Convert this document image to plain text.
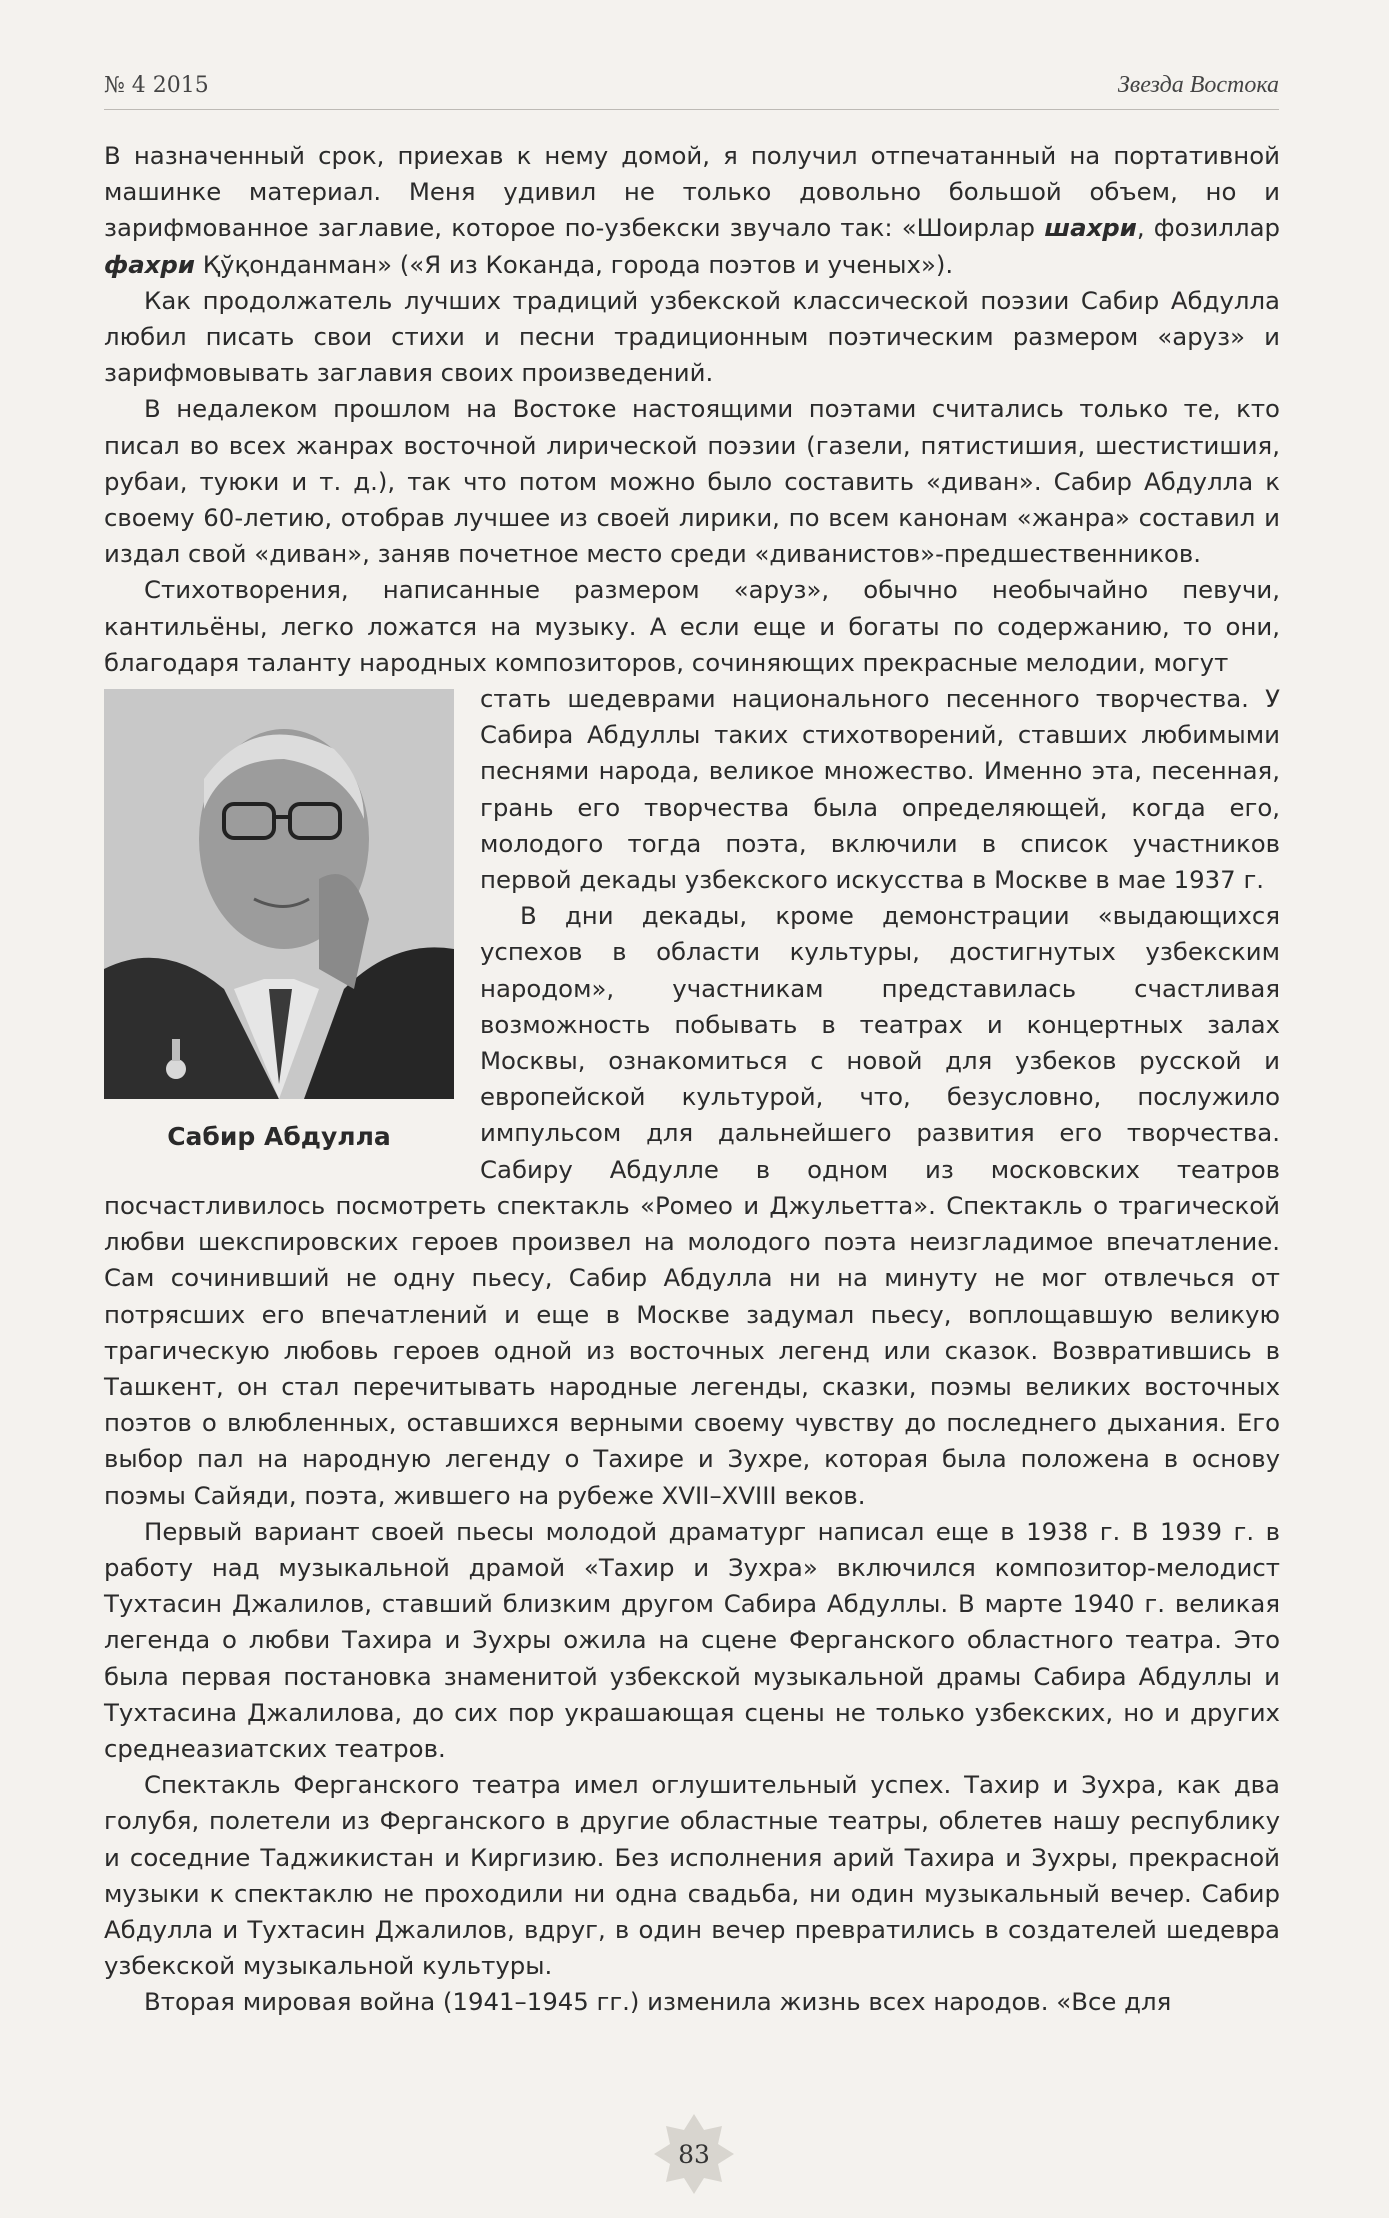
№ 4 2015	Звезда Востока

В назначенный срок, приехав к нему домой, я получил отпечатанный на портативной машинке материал. Меня удивил не только довольно большой объем, но и зарифмованное заглавие, которое по-узбекски звучало так: «Шоирлар шахри, фозиллар фахри Қўқонданман» («Я из Коканда, города поэтов и ученых»).

Как продолжатель лучших традиций узбекской классической поэзии Сабир Абдулла любил писать свои стихи и песни традиционным поэтическим размером «аруз» и зарифмовывать заглавия своих произведений.

В недалеком прошлом на Востоке настоящими поэтами считались только те, кто писал во всех жанрах восточной лирической поэзии (газели, пятистишия, шестистишия, рубаи, туюки и т. д.), так что потом можно было составить «диван». Сабир Абдулла к своему 60-летию, отобрав лучшее из своей лирики, по всем канонам «жанра» составил и издал свой «диван», заняв почетное место среди «диванистов»-предшественников.

Стихотворения, написанные размером «аруз», обычно необычайно певучи, кантильёны, легко ложатся на музыку. А если еще и богаты по содержанию, то они, благодаря таланту народных композиторов, сочиняющих прекрасные мелодии, могут

Сабир Абдулла

стать шедеврами национального песенного творчества. У Сабира Абдуллы таких стихотворений, ставших любимыми песнями народа, великое множество. Именно эта, песенная, грань его творчества была определяющей, когда его, молодого тогда поэта, включили в список участников первой декады узбекского искусства в Москве в мае 1937 г.

В дни декады, кроме демонстрации «выдающихся успехов в области культуры, достигнутых узбекским народом», участникам представилась счастливая возможность побывать в театрах и концертных залах Москвы, ознакомиться с новой для узбеков русской и европейской культурой, что, безусловно, послужило импульсом для дальнейшего развития его творчества. Сабиру Абдулле в одном из московских театров посчастливилось посмотреть спектакль «Ромео и Джульетта». Спектакль о трагической любви шекспировских героев произвел на молодого поэта неизгладимое впечатление. Сам сочинивший не одну пьесу, Сабир Абдулла ни на минуту не мог отвлечься от потрясших его впечатлений и еще в Москве задумал пьесу, воплощавшую великую трагическую любовь героев одной из восточных легенд или сказок. Возвратившись в Ташкент, он стал перечитывать народные легенды, сказки, поэмы великих восточных поэтов о влюбленных, оставшихся верными своему чувству до последнего дыхания. Его выбор пал на народную легенду о Тахире и Зухре, которая была положена в основу поэмы Сайяди, поэта, жившего на рубеже XVII–XVIII веков.

Первый вариант своей пьесы молодой драматург написал еще в 1938 г. В 1939 г. в работу над музыкальной драмой «Тахир и Зухра» включился композитор-мелодист Тухтасин Джалилов, ставший близким другом Сабира Абдуллы. В марте 1940 г. великая легенда о любви Тахира и Зухры ожила на сцене Ферганского областного театра. Это была первая постановка знаменитой узбекской музыкальной драмы Сабира Абдуллы и Тухтасина Джалилова, до сих пор украшающая сцены не только узбекских, но и других среднеазиатских театров.

Спектакль Ферганского театра имел оглушительный успех. Тахир и Зухра, как два голубя, полетели из Ферганского в другие областные театры, облетев нашу республику и соседние Таджикистан и Киргизию. Без исполнения арий Тахира и Зухры, прекрасной музыки к спектаклю не проходили ни одна свадьба, ни один музыкальный вечер. Сабир Абдулла и Тухтасин Джалилов, вдруг, в один вечер превратились в создателей шедевра узбекской музыкальной культуры.

Вторая мировая война (1941–1945 гг.) изменила жизнь всех народов. «Все для

83
